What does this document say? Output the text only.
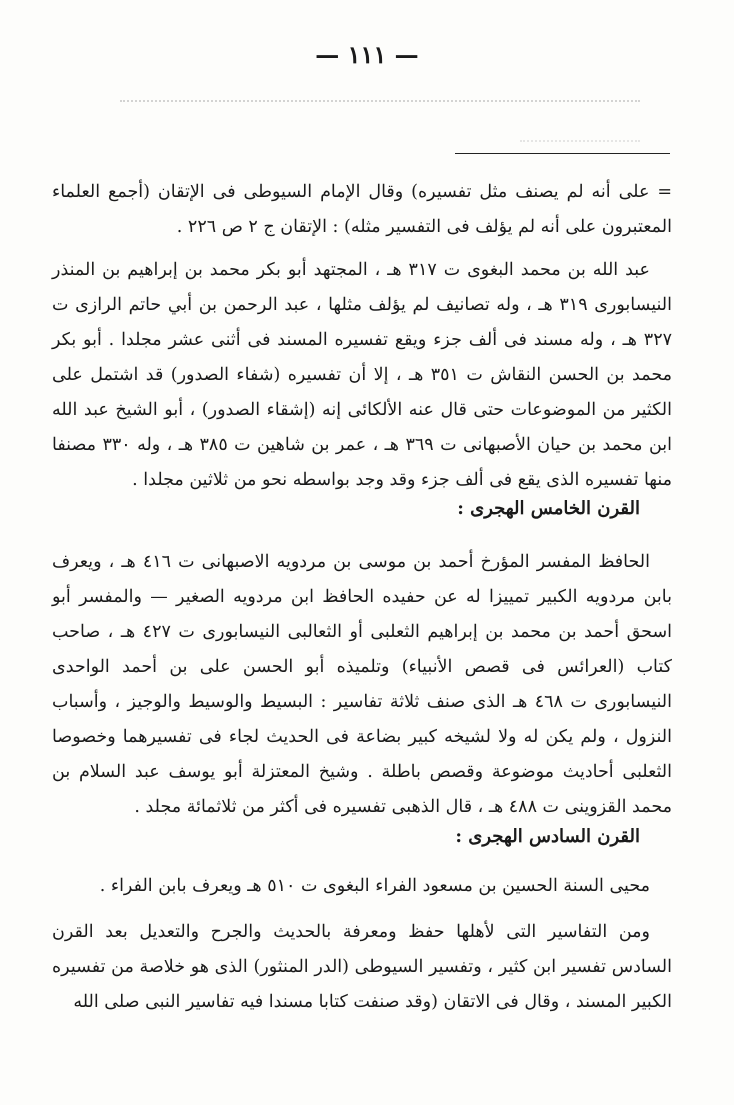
— ١١١ —
= على أنه لم يصنف مثل تفسيره) وقال الإمام السيوطى فى الإتقان (أجمع العلماء المعتبرون على أنه لم يؤلف فى التفسير مثله) : الإتقان ج ٢ ص ٢٢٦ .
عبد الله بن محمد البغوى ت ٣١٧ هـ ، المجتهد أبو بكر محمد بن إبراهيم بن المنذر النيسابورى ٣١٩ هـ ، وله تصانيف لم يؤلف مثلها ، عبد الرحمن بن أبي حاتم الرازى ت ٣٢٧ هـ ، وله مسند فى ألف جزء ويقع تفسيره المسند فى أثنى عشر مجلدا . أبو بكر محمد بن الحسن النقاش ت ٣٥١ هـ ، إلا أن تفسيره (شفاء الصدور) قد اشتمل على الكثير من الموضوعات حتى قال عنه الألكائى إنه (إشقاء الصدور) ، أبو الشيخ عبد الله ابن محمد بن حيان الأصبهانى ت ٣٦٩ هـ ، عمر بن شاهين ت ٣٨٥ هـ ، وله ٣٣٠ مصنفا منها تفسيره الذى يقع فى ألف جزء وقد وجد بواسطه نحو من ثلاثين مجلدا .
القرن الخامس الهجرى :
الحافظ المفسر المؤرخ أحمد بن موسى بن مردويه الاصبهانى ت ٤١٦ هـ ، ويعرف بابن مردويه الكبير تمييزا له عن حفيده الحافظ ابن مردويه الصغير — والمفسر أبو اسحق أحمد بن محمد بن إبراهيم الثعلبى أو الثعالبى النيسابورى ت ٤٢٧ هـ ، صاحب كتاب (العرائس فى قصص الأنبياء) وتلميذه أبو الحسن على بن أحمد الواحدى النيسابورى ت ٤٦٨ هـ الذى صنف ثلاثة تفاسير : البسيط والوسيط والوجيز ، وأسباب النزول ، ولم يكن له ولا لشيخه كبير بضاعة فى الحديث لجاء فى تفسيرهما وخصوصا الثعلبى أحاديث موضوعة وقصص باطلة . وشيخ المعتزلة أبو يوسف عبد السلام بن محمد القزوينى ت ٤٨٨ هـ ، قال الذهبى تفسيره فى أكثر من ثلاثمائة مجلد .
القرن السادس الهجرى :
محيى السنة الحسين بن مسعود الفراء البغوى ت ٥١٠ هـ ويعرف بابن الفراء .
ومن التفاسير التى لأهلها حفظ ومعرفة بالحديث والجرح والتعديل بعد القرن السادس تفسير ابن كثير ، وتفسير السيوطى (الدر المنثور) الذى هو خلاصة من تفسيره الكبير المسند ، وقال فى الاتقان (وقد صنفت كتابا مسندا فيه تفاسير النبى صلى الله
